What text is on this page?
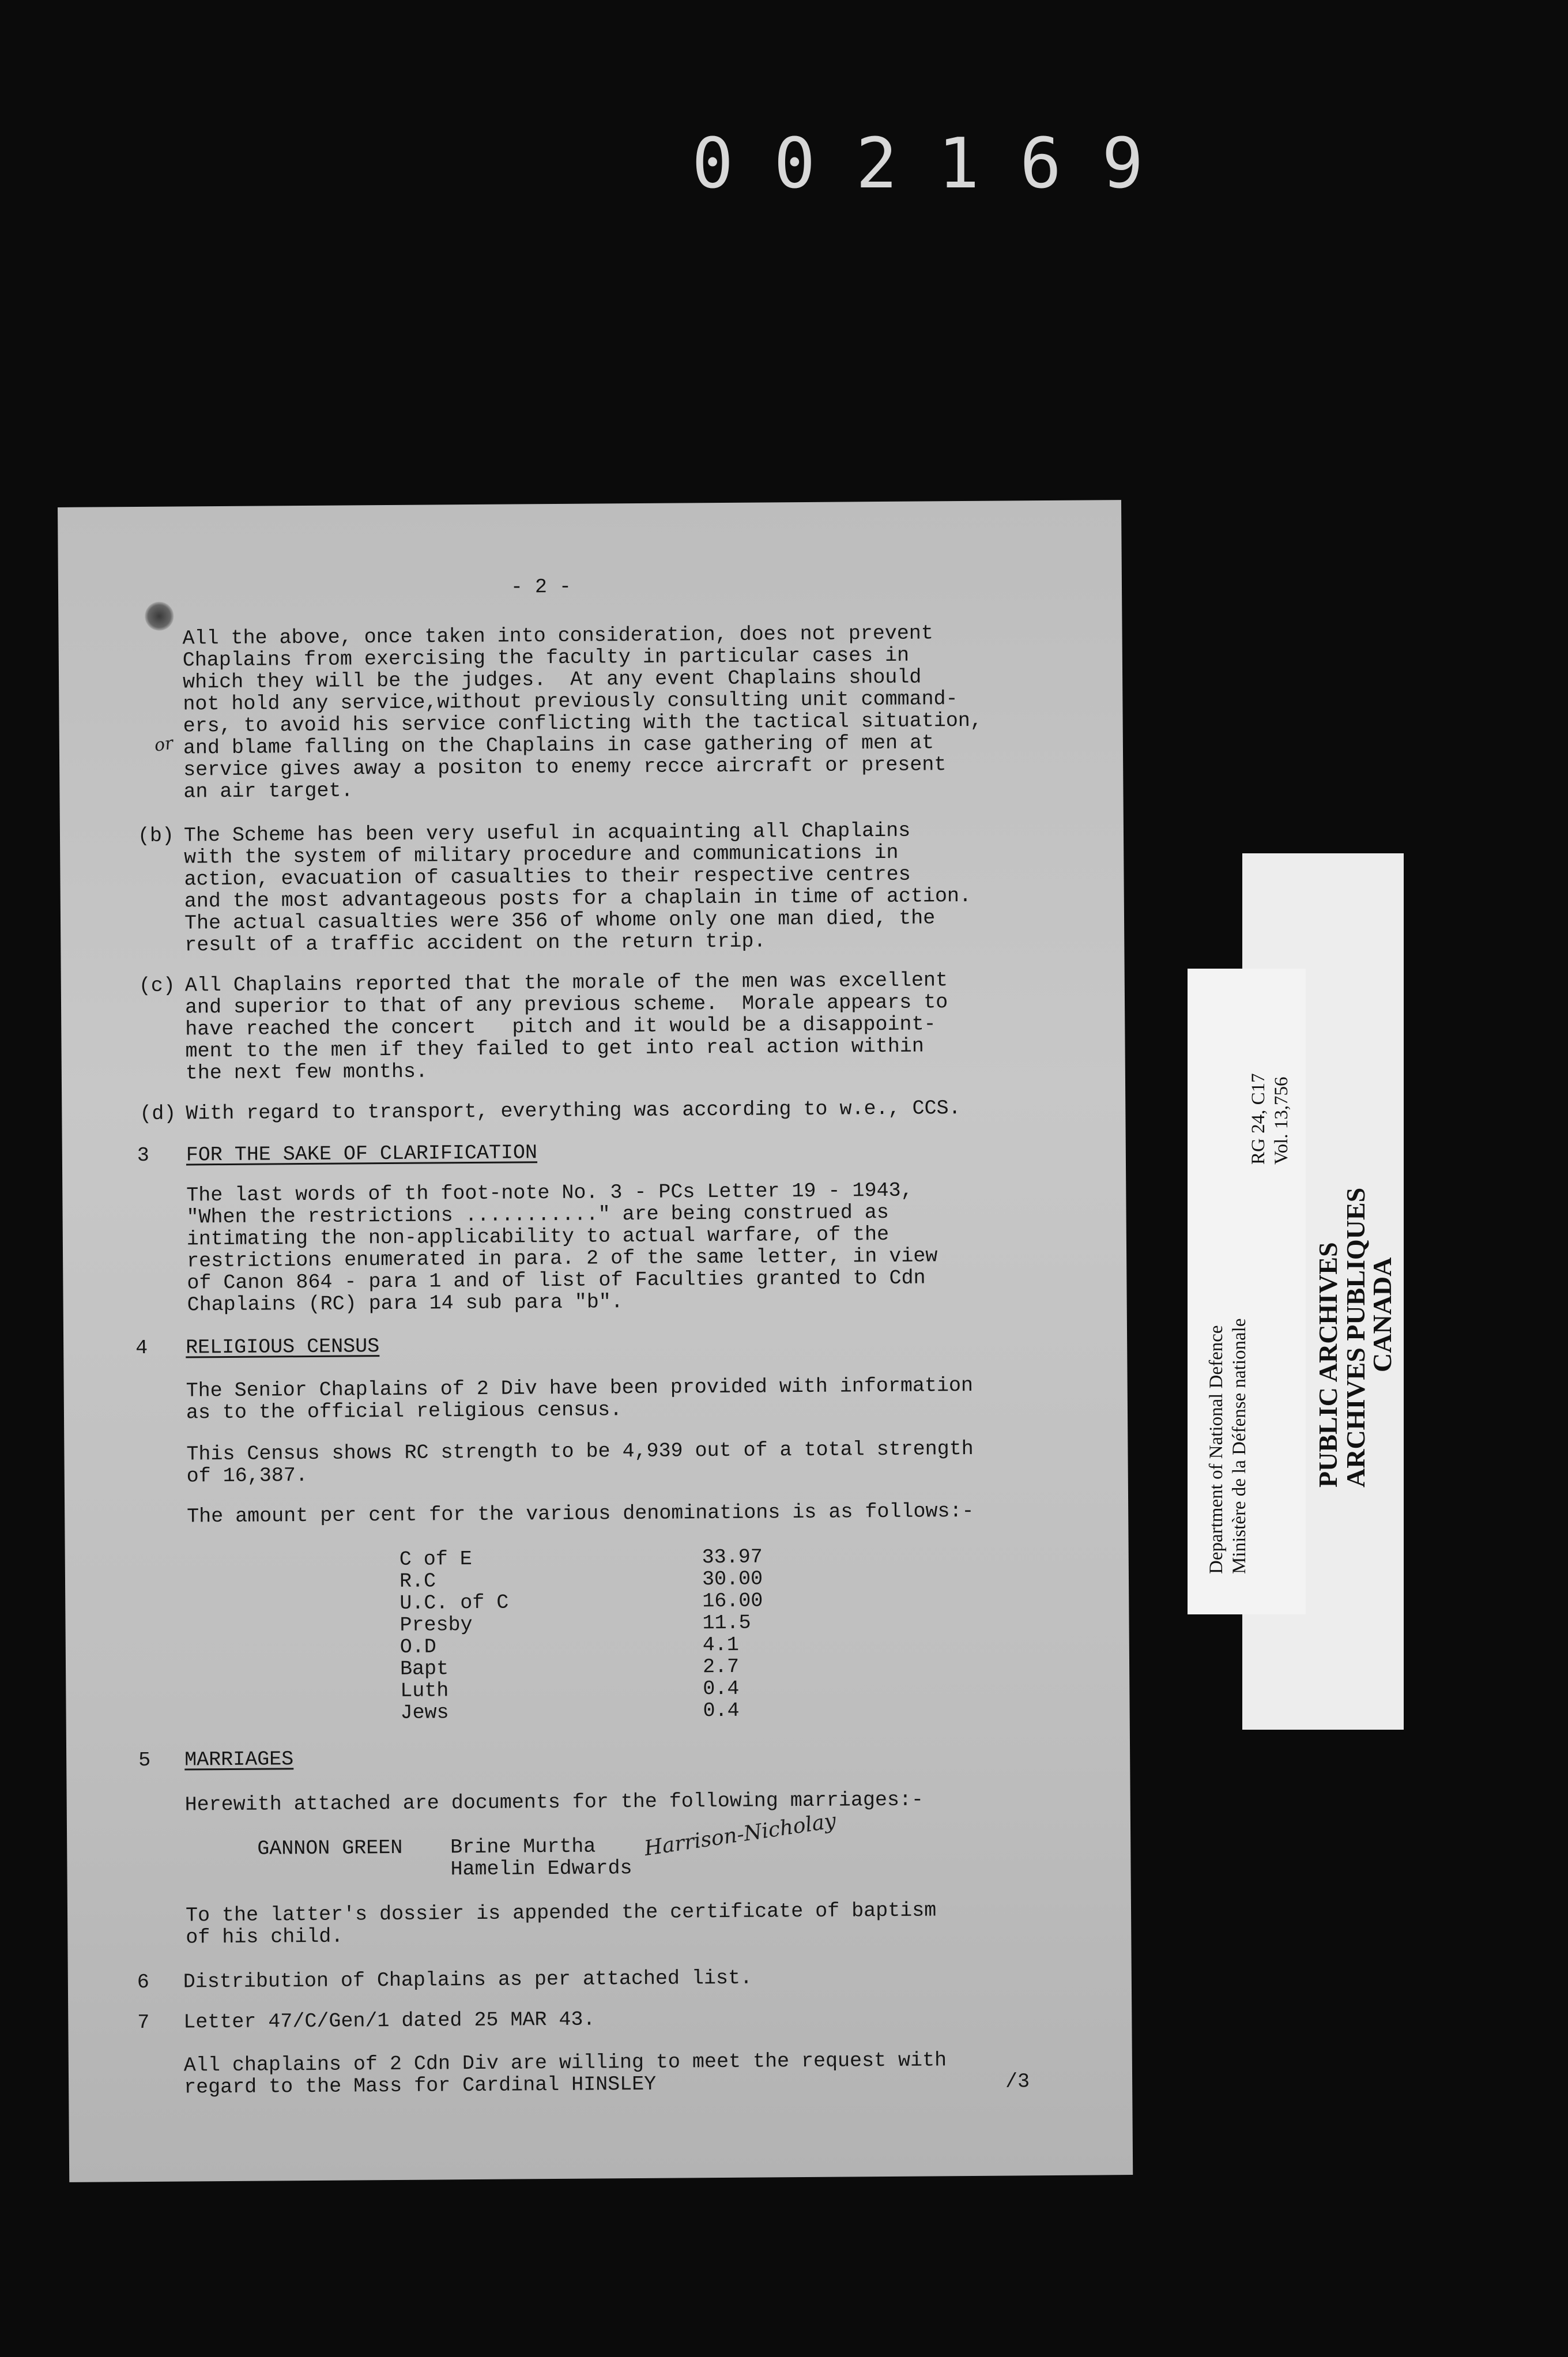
002169
- 2 -
All the above, once taken into consideration, does not prevent
Chaplains from exercising the faculty in particular cases in
which they will be the judges.  At any event Chaplains should
not hold any service,without previously consulting unit command-
ers, to avoid his service conflicting with the tactical situation,
and blame falling on the Chaplains in case gathering of men at
service gives away a positon to enemy recce aircraft or present
an air target.
or
(b) The Scheme has been very useful in acquainting all Chaplains
with the system of military procedure and communications in
action, evacuation of casualties to their respective centres
and the most advantageous posts for a chaplain in time of action.
The actual casualties were 356 of whome only one man died, the
result of a traffic accident on the return trip.
(c) All Chaplains reported that the morale of the men was excellent
and superior to that of any previous scheme.  Morale appears to
have reached the concert   pitch and it would be a disappoint-
ment to the men if they failed to get into real action within
the next few months.
(d) With regard to transport, everything was according to w.e., CCS.
3 FOR THE SAKE OF CLARIFICATION
The last words of th foot-note No. 3 - PCs Letter 19 - 1943,
"When the restrictions ..........." are being construed as
intimating the non-applicability to actual warfare, of the
restrictions enumerated in para. 2 of the same letter, in view
of Canon 864 - para 1 and of list of Faculties granted to Cdn
Chaplains (RC) para 14 sub para "b".
4 RELIGIOUS CENSUS
The Senior Chaplains of 2 Div have been provided with information
as to the official religious census.
This Census shows RC strength to be 4,939 out of a total strength
of 16,387.
The amount per cent for the various denominations is as follows:-
C of E	33.97
R.C	30.00
U.C. of C	16.00
Presby	11.5
O.D	4.1
Bapt	2.7
Luth	0.4
Jews	0.4
5 MARRIAGES
Herewith attached are documents for the following marriages:-
GANNON GREEN Brine Murtha
Hamelin Edwards
Harrison-Nicholay
To the latter's dossier is appended the certificate of baptism
of his child.
6 Distribution of Chaplains as per attached list.
7 Letter 47/C/Gen/1 dated 25 MAR 43.
All chaplains of 2 Cdn Div are willing to meet the request with
regard to the Mass for Cardinal HINSLEY	/3
PUBLIC ARCHIVES
ARCHIVES PUBLIQUES
CANADA
Department of National Defence Ministère de la Défense nationale
RG 24, C17 Vol. 13,756
